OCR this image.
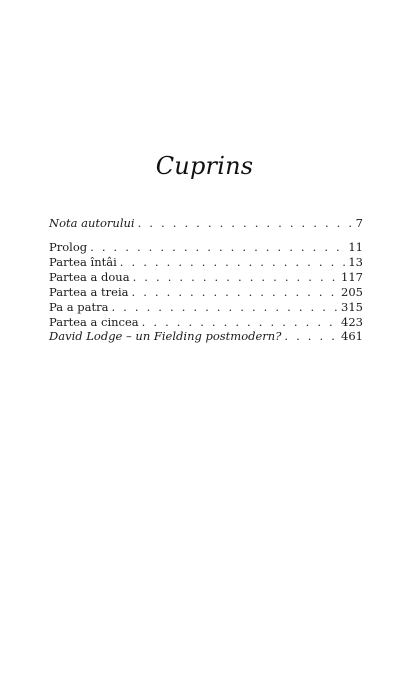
Cuprins
Nota autorului . . .	7
Prolog . . .	11
Partea întâi . . .	13
Partea a doua . . .	117
Partea a treia . . .	205
Pa a patra . . .	315
Partea a cincea . . .	423
David Lodge – un Fielding postmodern? . . .	461
